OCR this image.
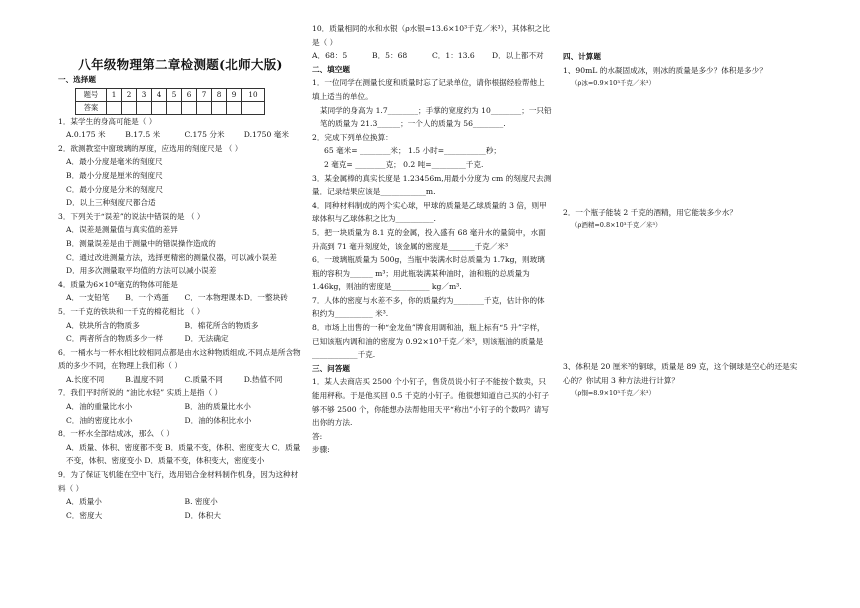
八年级物理第二章检测题(北师大版)

一、选择题

题号	1	2	3	4	5	6	7	8	9	10
答案										

1．某学生的身高可能是（ ）

A.0.175 米	B.17.5 米	C.175 分米	D.1750 毫米

2．欲测教室中窗玻璃的厚度，应选用的刻度尺是 （ ）

A．最小分度是毫米的刻度尺

B．最小分度是厘米的刻度尺

C．最小分度是分米的刻度尺

D．以上三种刻度尺都合适

3．下列关于“误差”的说法中错误的是 （ ）

A．误差是测量值与真实值的差异

B．测量误差是由于测量中的错误操作造成的

C．通过改进测量方法，选择更精密的测量仪器，可以减小误差

D．用多次测量取平均值的方法可以减小误差

4．质量为6×10⁴毫克的物体可能是

A．一支铅笔	B．一个鸡蛋	C．一本物理课本 D．一整块砖

5．一千克的铁块和一千克的棉花相比 （ ）

A．铁块所含的物质多	B．棉花所含的物质多
C．两者所含的物质多少一样	D．无法确定

6．一桶水与一杯水相比较相同点都是由水这种物质组成,不同点是所含物质的多少不同，在物理上我们称（ ）

A.长度不同	B.温度不同	C.质量不同	D.热值不同

7．我们平时所说的 “油比水轻” 实质上是指（ ）

A．油的重量比水小	B．油的质量比水小
C．油的密度比水小	D．油的体积比水小

8．一杯水全部结成冰，那么 （ ）

A．质量、体积、密度都不变 B．质量不变，体积、密度变大 C．质量不变，体积、密度变小 D．质量不变，体积变大，密度变小

9．为了保证飞机能在空中飞行，选用铝合金材料制作机身，因为这种材料（ ）

A．质量小	B. 密度小
C．密度大	D．体积大

10．质量相同的水和水银（ρ水银=13.6×10³千克／米³），其体积之比是（ ）

A．68：5	B．5：68	C．1：13.6	D．以上都不对

二、填空题

1．一位同学在测量长度和质量时忘了记录单位，请你根据经验帮他上填上适当的单位。

某同学的身高为 1.7________；手掌的宽度约为 10________；一只铅笔的质量为 21.3______；一个人的质量为 56________.

2．完成下列单位换算：

65 毫米= ________米； 1.5 小时=___________秒；

2 毫克= ________克； 0.2 吨=_________千克.

3．某金属棒的真实长度是 1.23456m,用最小分度为 cm 的刻度尺去测量．记录结果应该是____________m.

4．同种材料制成的两个实心球，甲球的质量是乙球质量的 3 倍，则甲球体积与乙球体积之比为__________.

5．把一块质量为 8.1 克的金属，投入盛有 68 毫升水的量筒中，水面升高到 71 毫升刻度处，该金属的密度是_______千克／米³

6．一玻璃瓶质量为 500g，当瓶中装满水时总质量为 1.7kg，则玻璃瓶的容积为______ m³；用此瓶装满某种油时，油和瓶的总质量为 1.46kg，则油的密度是__________ kg／m³.

7．人体的密度与水差不多，你的质量约为________千克，估计你的体积约为__________ 米³.

8．市场上出售的一种“金龙鱼”牌食用调和油，瓶上标有“5 升”字样，已知该瓶内调和油的密度为 0.92×10³千克／米³，则该瓶油的质量是____________千克.

三、问答题

1．某人去商店买 2500 个小钉子，售货员说小钉子不能按个数卖，只能用秤称。于是他买回 0.5 千克的小钉子。他很想知道自己买的小钉子够不够 2500 个，你能想办法帮他用天平“称出”小钉子的个数吗？请写出你的方法.

答:

步骤:

四、计算题

1、90mL 的水凝固成冰，则冰的质量是多少？体积是多少？

（ρ冰=0.9×10³千克／米³）

2．一个瓶子能装 2 千克的酒精，用它能装多少水？

（ρ酒精=0.8×10³千克／米³）

3、体积是 20 厘米³的铜球，质量是 89 克，这个铜球是空心的还是实心的？你试用 3 种方法进行计算？

（ρ铜=8.9×10³千克／米³）
